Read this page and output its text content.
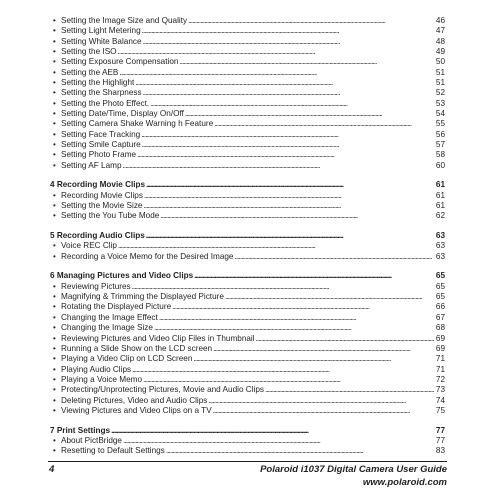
• Setting the Image Size and Quality . . .	46
• Setting Light Metering . . .	47
• Setting White Balance . . .	48
• Setting the ISO . . .	49
• Setting Exposure Compensation . . .	50
• Setting the AEB . . .	51
• Setting the Highlight . . .	51
• Setting the Sharpness . . .	52
• Setting the Photo Effect. . . .	53
• Setting Date/Time, Display On/Off . . .	54
• Setting Camera Shake Warning h Feature . . .	55
• Setting Face Tracking . . .	56
• Setting Smile Capture . . .	57
• Setting Photo Frame . . .	58
• Setting AF Lamp . . .	60
4 Recording Movie Clips . . .	61
• Recording Movie Clips . . .	61
• Setting the Movie Size . . .	61
• Setting the You Tube Mode . . .	62
5 Recording Audio Clips . . .	63
• Voice REC Clip . . .	63
• Recording a Voice Memo for the Desired Image . . .	63
6 Managing Pictures and Video Clips . . .	65
• Reviewing Pictures . . .	65
• Magnifying & Trimming the Displayed Picture . . .	65
• Rotating the Displayed Picture . . .	66
• Changing the Image Effect . . .	67
• Changing the Image Size . . .	68
• Reviewing Pictures and Video Clip Files in Thumbnail . . .	69
• Running a Slide Show on the LCD screen . . .	69
• Playing a Video Clip on LCD Screen . . .	71
• Playing Audio Clips . . .	71
• Playing a Voice Memo . . .	72
• Protecting/Unprotecting Pictures, Movie and Audio Clips . . .	73
• Deleting Pictures, Video and Audio Clips . . .	74
• Viewing Pictures and Video Clips on a TV . . .	75
7 Print Settings . . .	77
• About PictBridge . . .	77
• Resetting to Default Settings . . .	83
4	Polaroid i1037 Digital Camera User Guide
www.polaroid.com
